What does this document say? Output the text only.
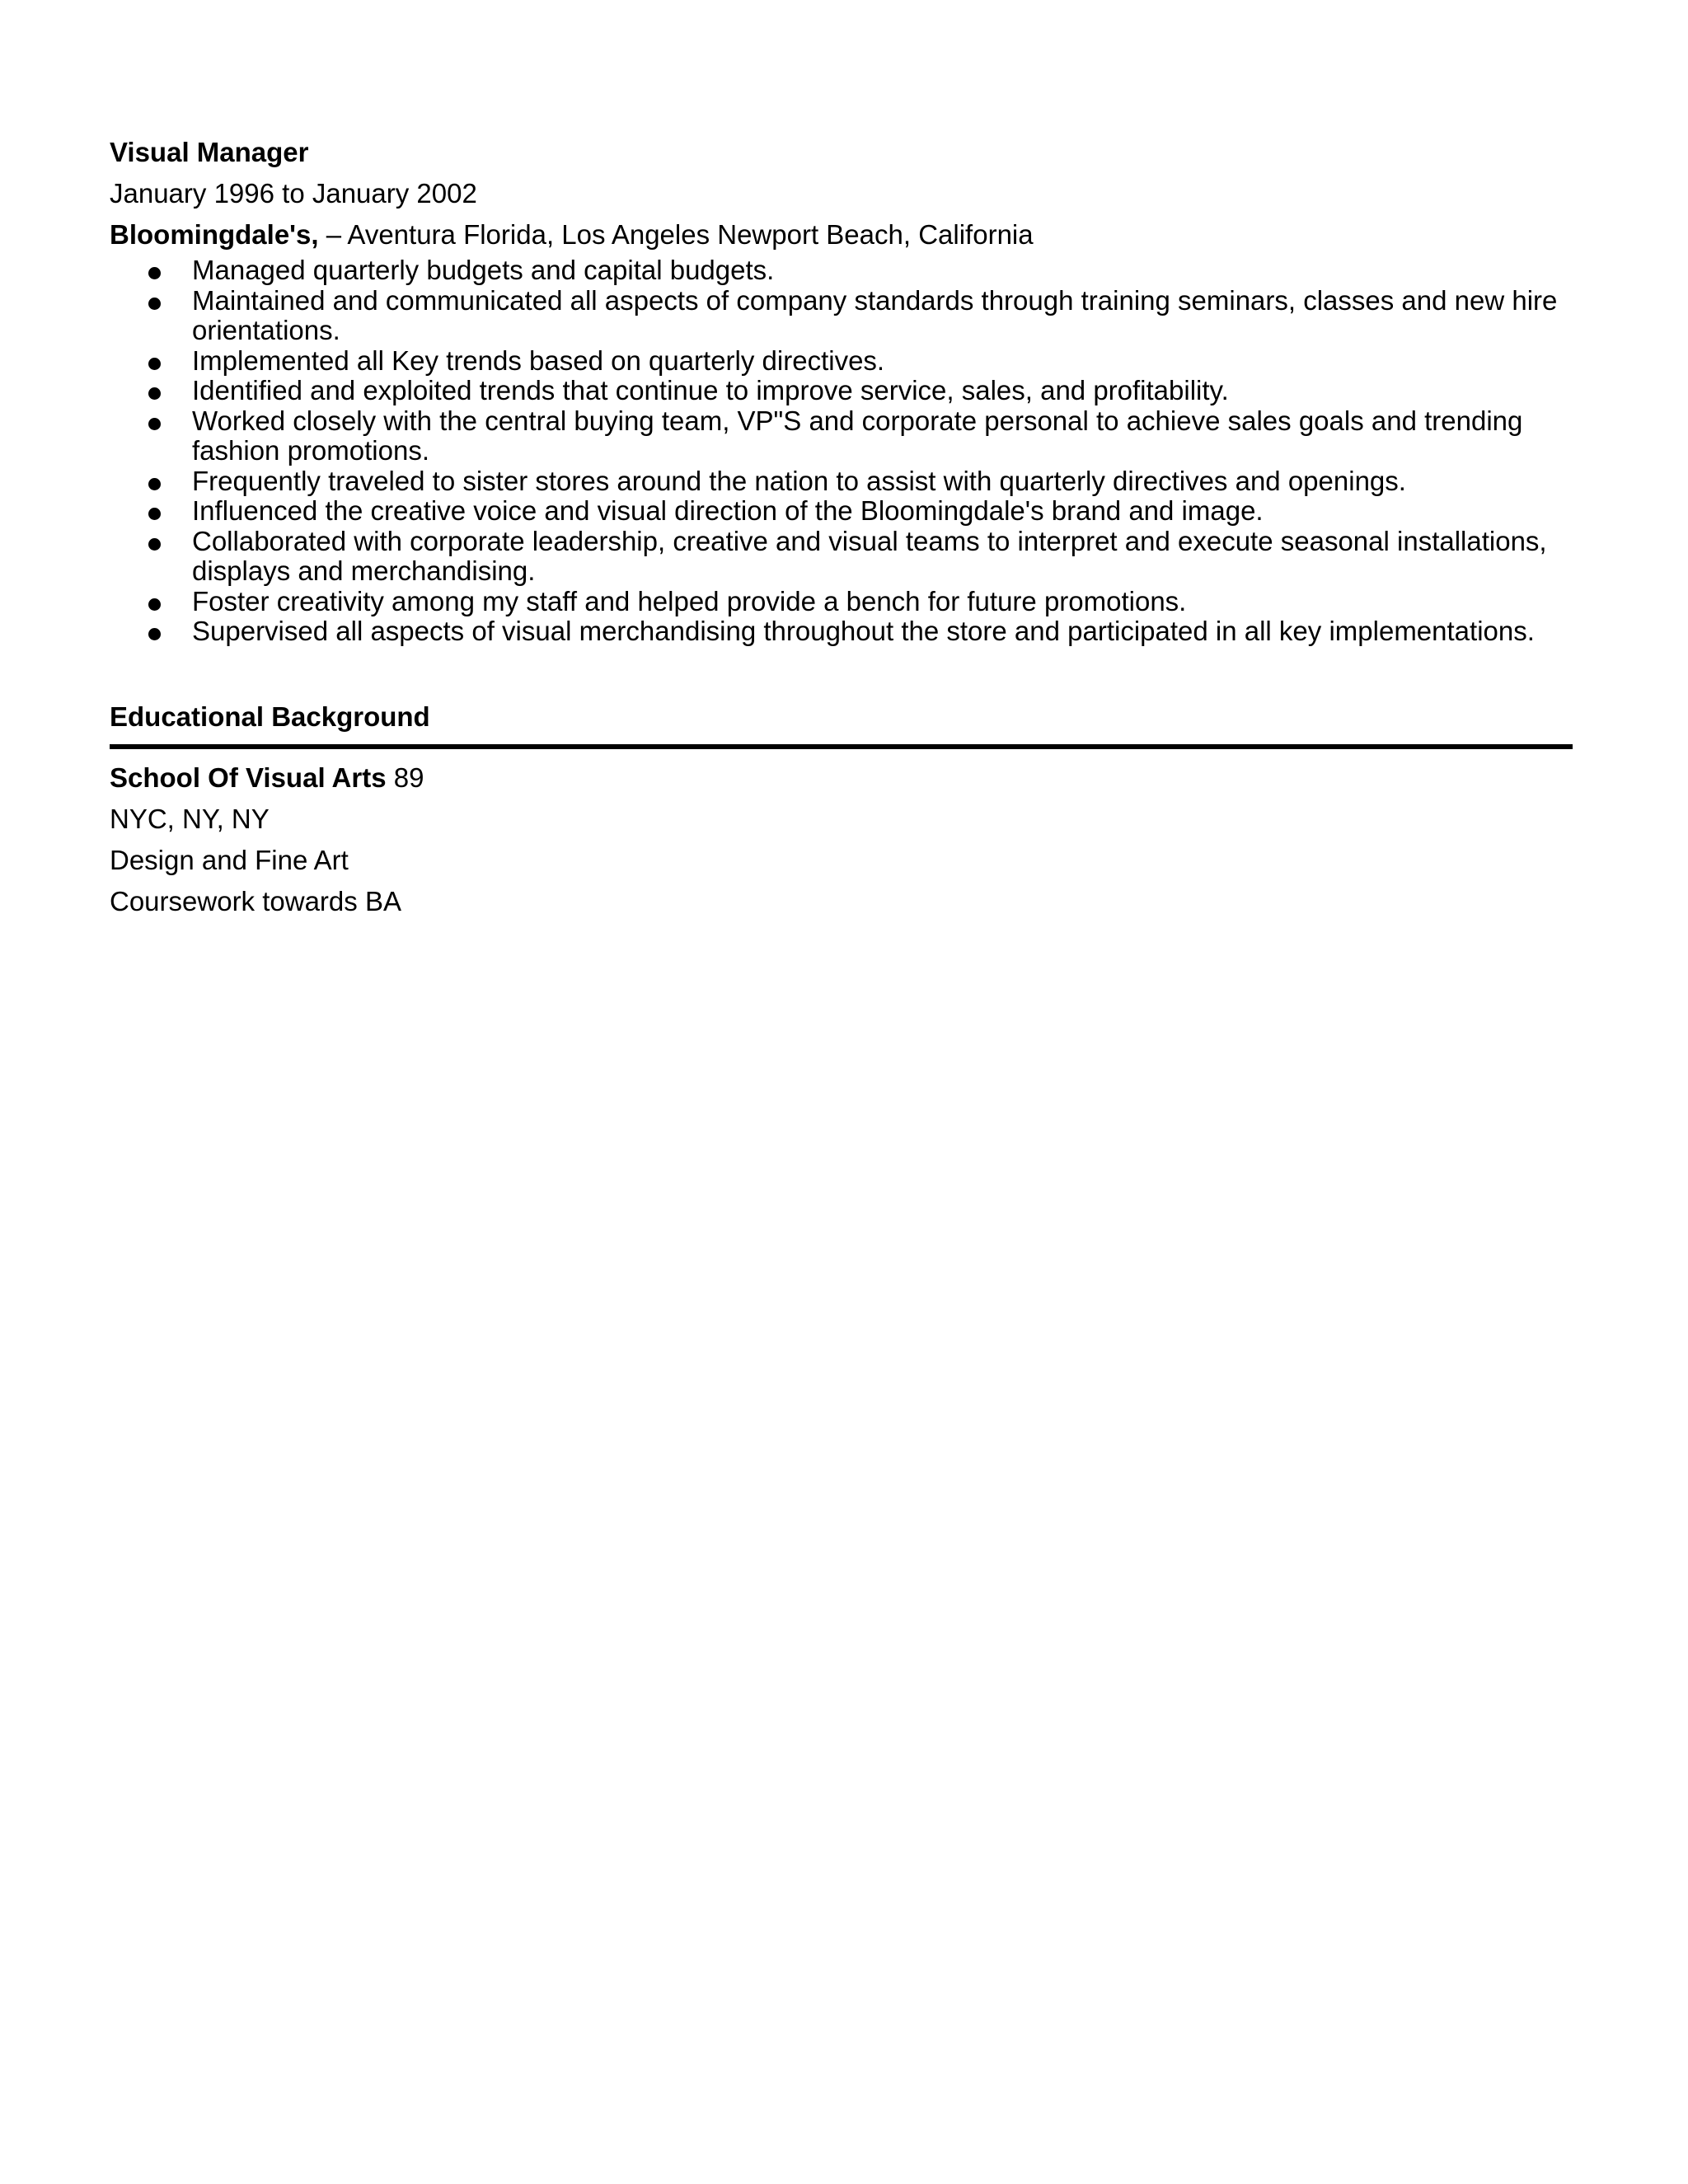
Visual Manager

January 1996 to January 2002

Bloomingdale's, – Aventura Florida, Los Angeles Newport Beach, California

Managed quarterly budgets and capital budgets.
Maintained and communicated all aspects of company standards through training seminars, classes and new hire orientations.
Implemented all Key trends based on quarterly directives.
Identified and exploited trends that continue to improve service, sales, and profitability.
Worked closely with the central buying team, VP"S and corporate personal to achieve sales goals and trending fashion promotions.
Frequently traveled to sister stores around the nation to assist with quarterly directives and openings.
Influenced the creative voice and visual direction of the Bloomingdale's brand and image.
Collaborated with corporate leadership, creative and visual teams to interpret and execute seasonal installations, displays and merchandising.
Foster creativity among my staff and helped provide a bench for future promotions.
Supervised all aspects of visual merchandising throughout the store and participated in all key implementations.

Educational Background

School Of Visual Arts 89

NYC, NY, NY

Design and Fine Art

Coursework towards BA
